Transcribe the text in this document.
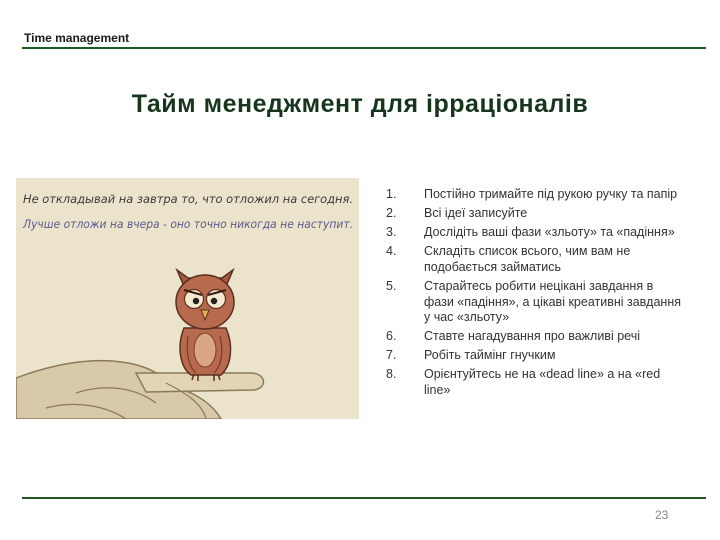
Time management
Тайм менеджмент для ірраціоналів
Не откладывай на завтра то, что отложил на сегодня.
Лучше отложи на вчера - оно точно никогда не наступит.
1. Постійно тримайте під рукою ручку та папір
2. Всі ідеї записуйте
3. Дослідіть ваші фази «зльоту» та «падіння»
4. Складіть список всього, чим вам не подобається займатись
5. Старайтесь робити нецікані завдання в фази «падіння», а цікаві креативні завдання у час «зльоту»
6. Ставте нагадування про важливі речі
7. Робіть таймінг гнучким
8. Орієнтуйтесь не на «dead line» а на «red line»
23
